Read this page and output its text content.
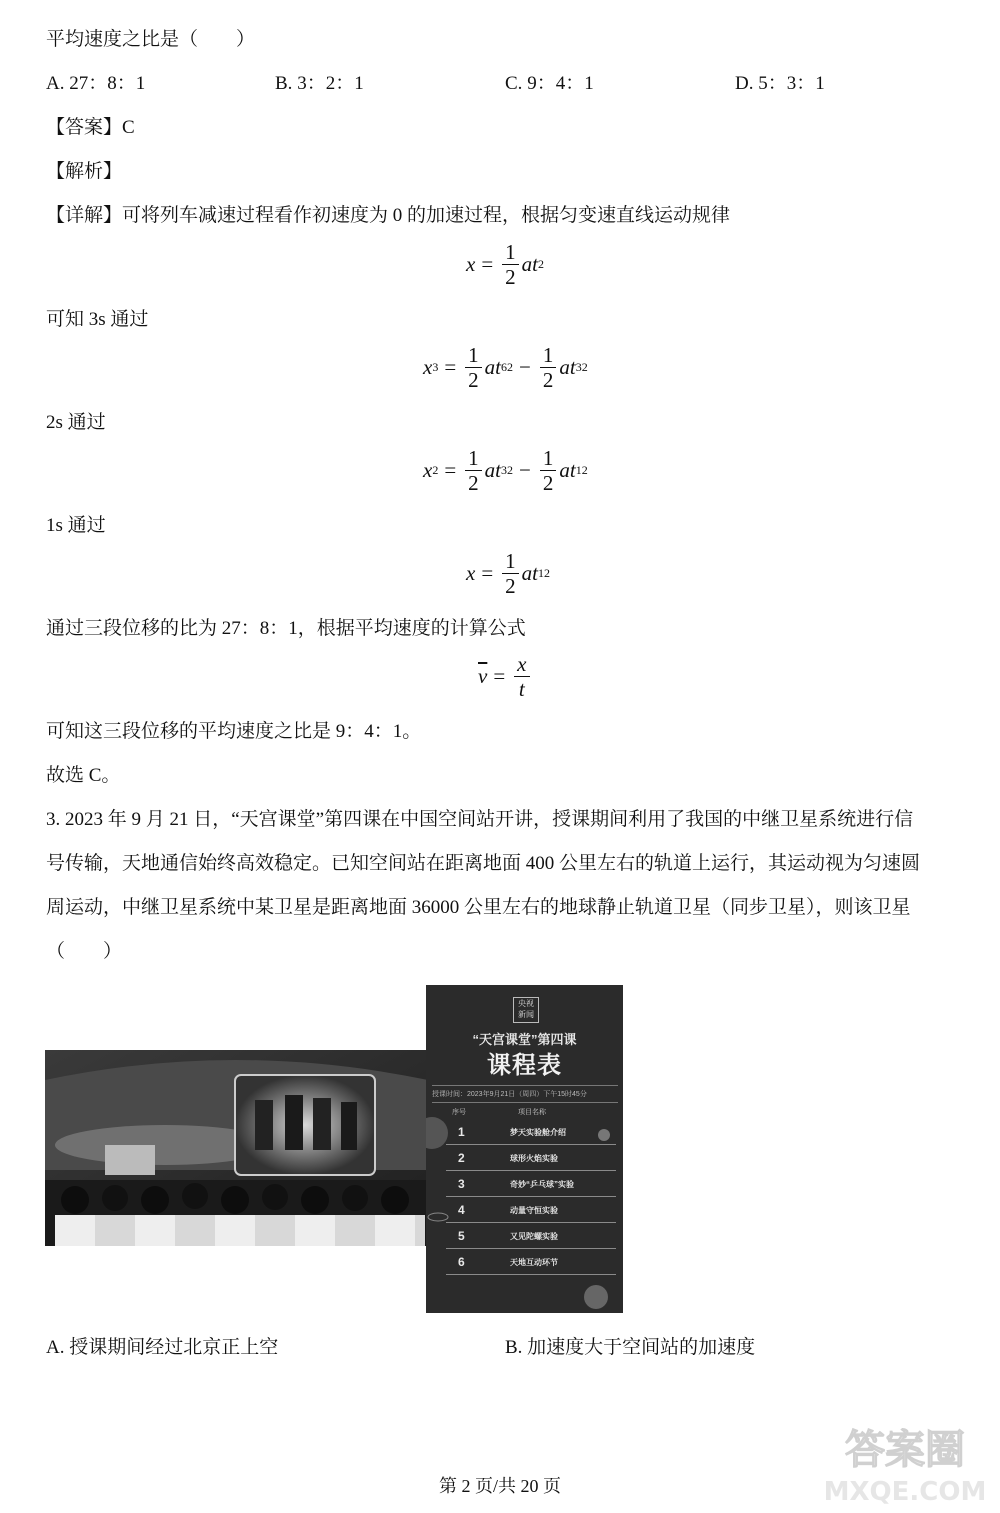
平均速度之比是（　　）
A. 27：8：1	B. 3：2：1	C. 9：4：1	D. 5：3：1
【答案】C
【解析】
【详解】可将列车减速过程看作初速度为 0 的加速过程，根据匀变速直线运动规律
$x = \frac{1}{2}$ at 2
可知 3s 通过
x $3 = \frac{1}{2}$ at 6 $2 - \frac{1}{2}$ at 3 2
2s 通过
x $2 = \frac{1}{2}$ at 3 $2 - \frac{1}{2}$ at 1 2
1s 通过
$x = \frac{1}{2}$ at 1 2
通过三段位移的比为 27：8：1，根据平均速度的计算公式
$\overline{v} = \frac{x}{t}$
可知这三段位移的平均速度之比是 9：4：1。
故选 C。
3. 2023 年 9 月 21 日，“天宫课堂”第四课在中国空间站开讲，授课期间利用了我国的中继卫星系统进行信
号传输，天地通信始终高效稳定。已知空间站在距离地面 400 公里左右的轨道上运行，其运动视为匀速圆
周运动，中继卫星系统中某卫星是距离地面 36000 公里左右的地球静止轨道卫星（同步卫星），则该卫星
（　　）
央视
新闻
“天宫课堂”第四课
课程表
授课时间：2023年9月21日（周四）下午15时45分
序号	项目名称
1	梦天实验舱介绍
2	球形火焰实验
3	奇妙“乒乓球”实验
4	动量守恒实验
5	又见陀螺实验
6	天地互动环节
A. 授课期间经过北京正上空	B. 加速度大于空间站的加速度
答案圈
MXQE.COM
第 2 页/共 20 页
